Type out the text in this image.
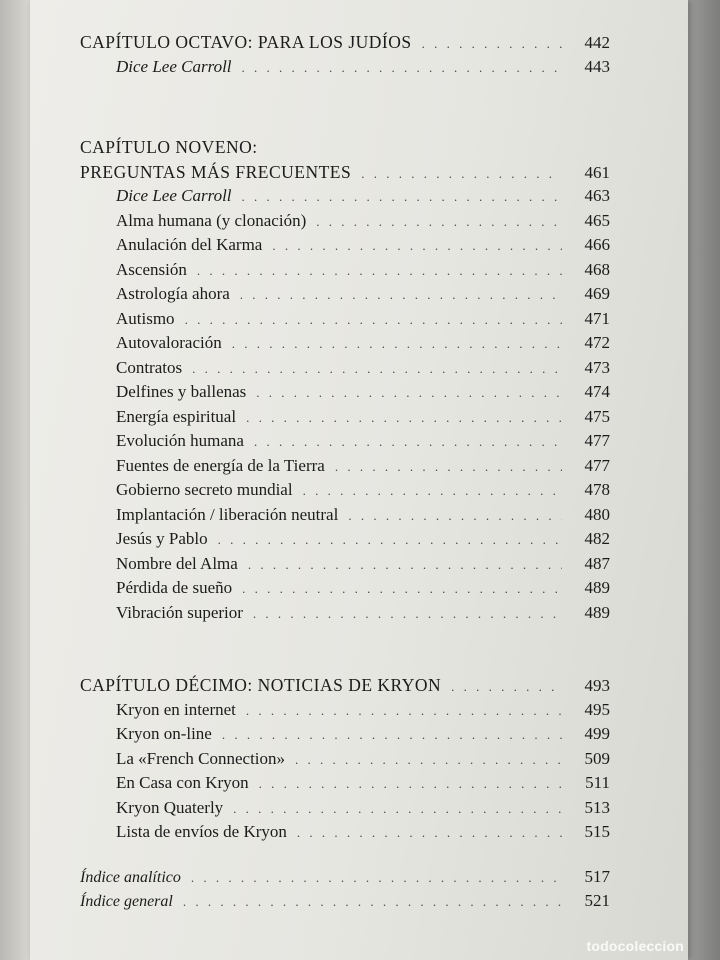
CAPÍTULO OCTAVO: PARA LOS JUDÍOS . . .	442
Dice Lee Carroll . . .	443
CAPÍTULO NOVENO:
PREGUNTAS MÁS FRECUENTES . . .	461
Dice Lee Carroll . . .	463
Alma humana (y clonación) . . .	465
Anulación del Karma . . .	466
Ascensión . . .	468
Astrología ahora . . .	469
Autismo . . .	471
Autovaloración . . .	472
Contratos . . .	473
Delfines y ballenas . . .	474
Energía espiritual . . .	475
Evolución humana . . .	477
Fuentes de energía de la Tierra . . .	477
Gobierno secreto mundial . . .	478
Implantación / liberación neutral . . .	480
Jesús y Pablo . . .	482
Nombre del Alma . . .	487
Pérdida de sueño . . .	489
Vibración superior . . .	489
CAPÍTULO DÉCIMO: NOTICIAS DE KRYON . . .	493
Kryon en internet . . .	495
Kryon on-line . . .	499
La «French Connection» . . .	509
En Casa con Kryon . . .	511
Kryon Quaterly . . .	513
Lista de envíos de Kryon . . .	515
Índice analítico . . .	517
Índice general . . .	521
todocoleccion
